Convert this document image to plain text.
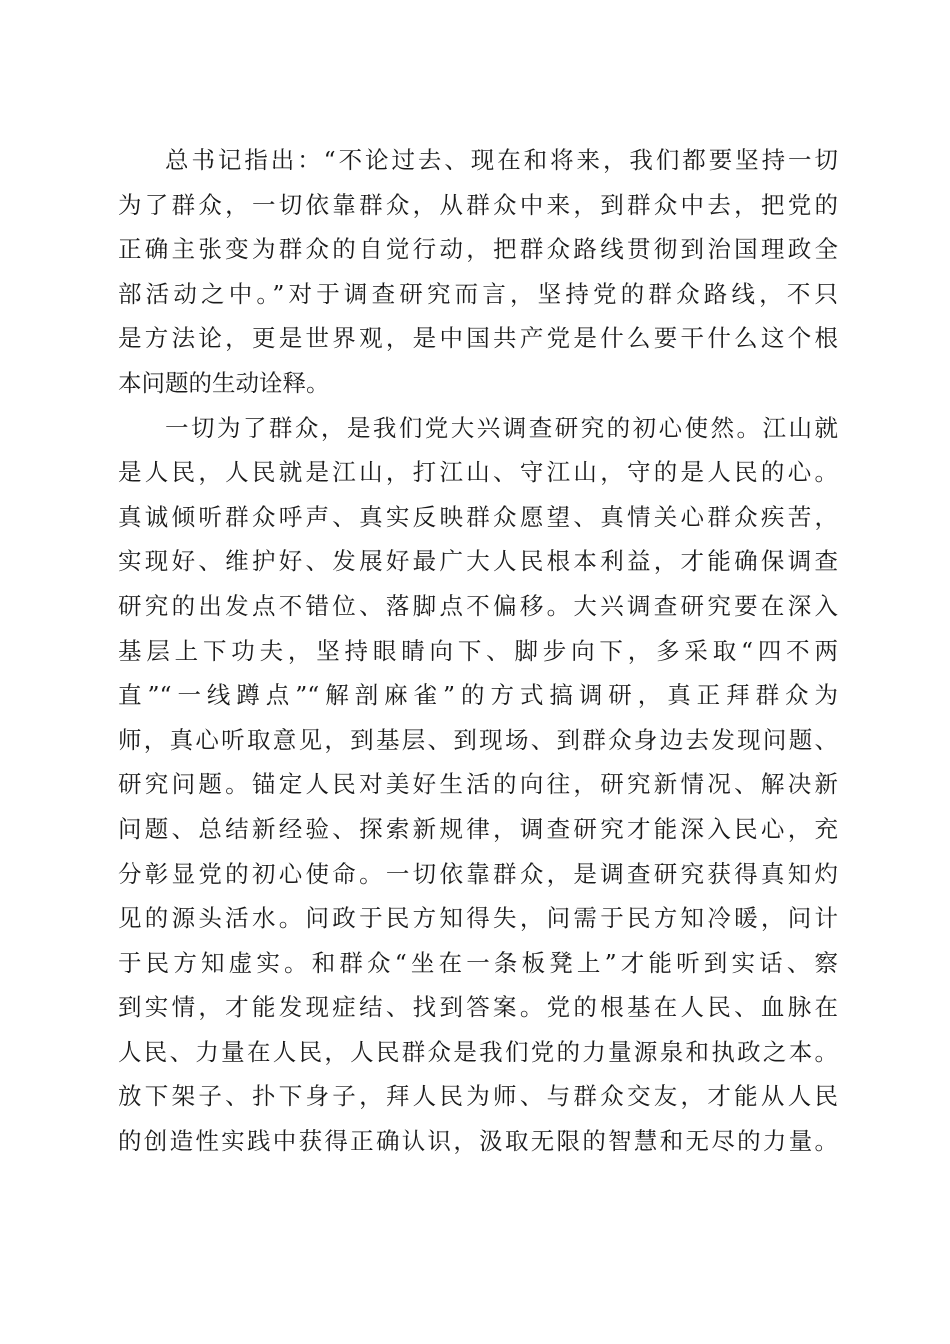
总书记指出：“不论过去、现在和将来，我们都要坚持一切
为了群众，一切依靠群众，从群众中来，到群众中去，把党的
正确主张变为群众的自觉行动，把群众路线贯彻到治国理政全
部活动之中。”对于调查研究而言，坚持党的群众路线，不只
是方法论，更是世界观，是中国共产党是什么要干什么这个根
本问题的生动诠释。
一切为了群众，是我们党大兴调查研究的初心使然。江山就
是人民，人民就是江山，打江山、守江山，守的是人民的心。
真诚倾听群众呼声、真实反映群众愿望、真情关心群众疾苦，
实现好、维护好、发展好最广大人民根本利益，才能确保调查
研究的出发点不错位、落脚点不偏移。大兴调查研究要在深入
基层上下功夫，坚持眼睛向下、脚步向下，多采取“四不两
直”“一线蹲点”“解剖麻雀”的方式搞调研，真正拜群众为
师，真心听取意见，到基层、到现场、到群众身边去发现问题、
研究问题。锚定人民对美好生活的向往，研究新情况、解决新
问题、总结新经验、探索新规律，调查研究才能深入民心，充
分彰显党的初心使命。一切依靠群众，是调查研究获得真知灼
见的源头活水。问政于民方知得失，问需于民方知冷暖，问计
于民方知虚实。和群众“坐在一条板凳上”才能听到实话、察
到实情，才能发现症结、找到答案。党的根基在人民、血脉在
人民、力量在人民，人民群众是我们党的力量源泉和执政之本。
放下架子、扑下身子，拜人民为师、与群众交友，才能从人民
的创造性实践中获得正确认识，汲取无限的智慧和无尽的力量。
